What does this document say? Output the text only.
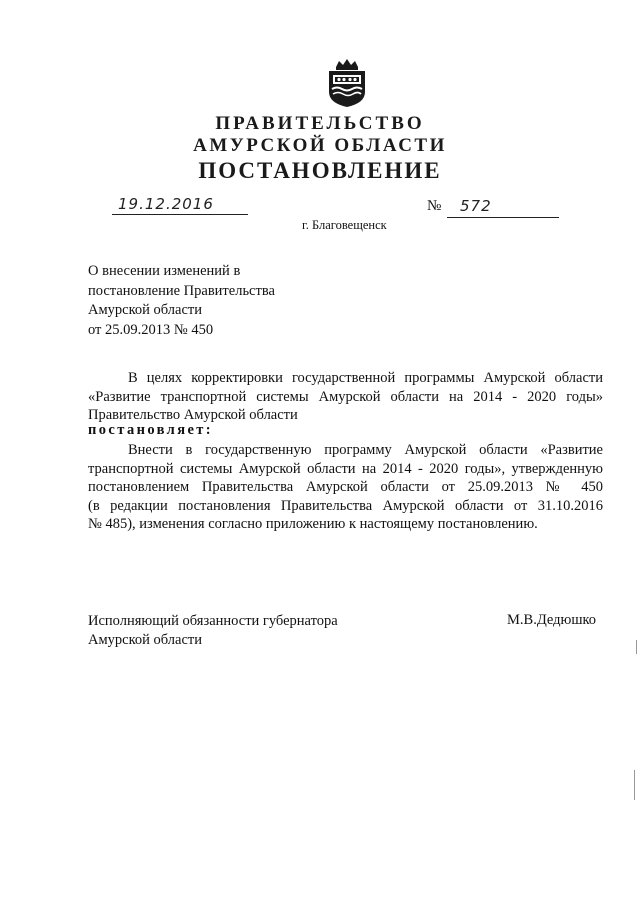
ПРАВИТЕЛЬСТВО
АМУРСКОЙ ОБЛАСТИ
ПОСТАНОВЛЕНИЕ
19.12.2016	№ 572
г. Благовещенск
О внесении изменений в
постановление Правительства
Амурской области
от 25.09.2013 № 450
В целях корректировки государственной программы Амурской области
«Развитие транспортной системы Амурской области на 2014 - 2020 годы»
Правительство Амурской области
постановляет:
Внести в государственную программу Амурской области «Развитие
транспортной системы Амурской области на 2014 - 2020 годы», утвержденную
постановлением Правительства Амурской области от 25.09.2013 № 450
(в редакции постановления Правительства Амурской области от 31.10.2016
№ 485), изменения согласно приложению к настоящему постановлению.
Исполняющий обязанности губернатора
Амурской области
М.В.Дедюшко
